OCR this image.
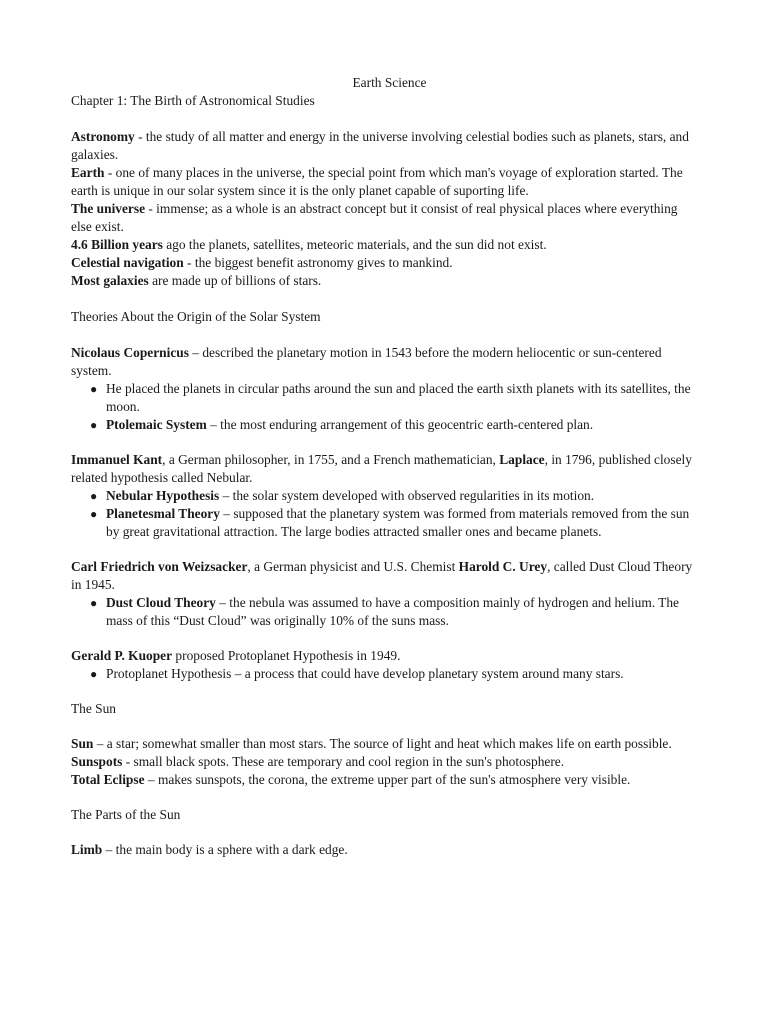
Earth Science

Chapter 1: The Birth of Astronomical Studies

Astronomy - the study of all matter and energy in the universe involving celestial bodies such as planets, stars, and galaxies.

Earth - one of many places in the universe, the special point from which man's voyage of exploration started. The earth is unique in our solar system since it is the only planet capable of suporting life.

The universe - immense; as a whole is an abstract concept but it consist of real physical places where everything else exist.

4.6 Billion years ago the planets, satellites, meteoric materials, and the sun did not exist.

Celestial navigation - the biggest benefit astronomy gives to mankind.

Most galaxies are made up of billions of stars.

Theories About the Origin of the Solar System

Nicolaus Copernicus – described the planetary motion in 1543 before the modern heliocentic or sun-centered system.

● He placed the planets in circular paths around the sun and placed the earth sixth planets with its satellites, the moon.
● Ptolemaic System – the most enduring arrangement of this geocentric earth-centered plan.

Immanuel Kant, a German philosopher, in 1755, and a French mathematician, Laplace, in 1796, published closely related hypothesis called Nebular.

● Nebular Hypothesis – the solar system developed with observed regularities in its motion.
● Planetesmal Theory – supposed that the planetary system was formed from materials removed from the sun by great gravitational attraction. The large bodies attracted smaller ones and became planets.

Carl Friedrich von Weizsacker, a German physicist and U.S. Chemist Harold C. Urey, called Dust Cloud Theory in 1945.

● Dust Cloud Theory – the nebula was assumed to have a composition mainly of hydrogen and helium. The mass of this “Dust Cloud” was originally 10% of the suns mass.

Gerald P. Kuoper proposed Protoplanet Hypothesis in 1949.

● Protoplanet Hypothesis – a process that could have develop planetary system around many stars.

The Sun

Sun – a star; somewhat smaller than most stars. The source of light and heat which makes life on earth possible.

Sunspots - small black spots. These are temporary and cool region in the sun's photosphere.

Total Eclipse – makes sunspots, the corona, the extreme upper part of the sun's atmosphere very visible.

The Parts of the Sun

Limb – the main body is a sphere with a dark edge.
